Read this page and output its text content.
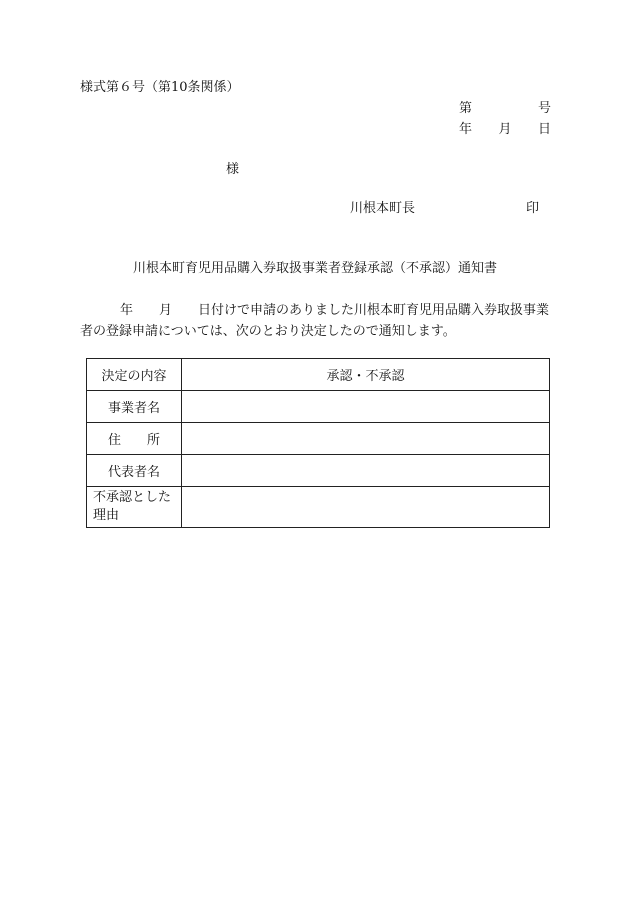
様式第６号（第10条関係）
第	号
年 月 日
様
川根本町長	印
川根本町育児用品購入券取扱事業者登録承認（不承認）通知書
年 月 日付けで申請のありました川根本町育児用品購入券取扱事業者の登録申請については、次のとおり決定したので通知します。
決定の内容	承認・不承認
事業者名	
住 所	
代表者名	
不承認とした理由	
